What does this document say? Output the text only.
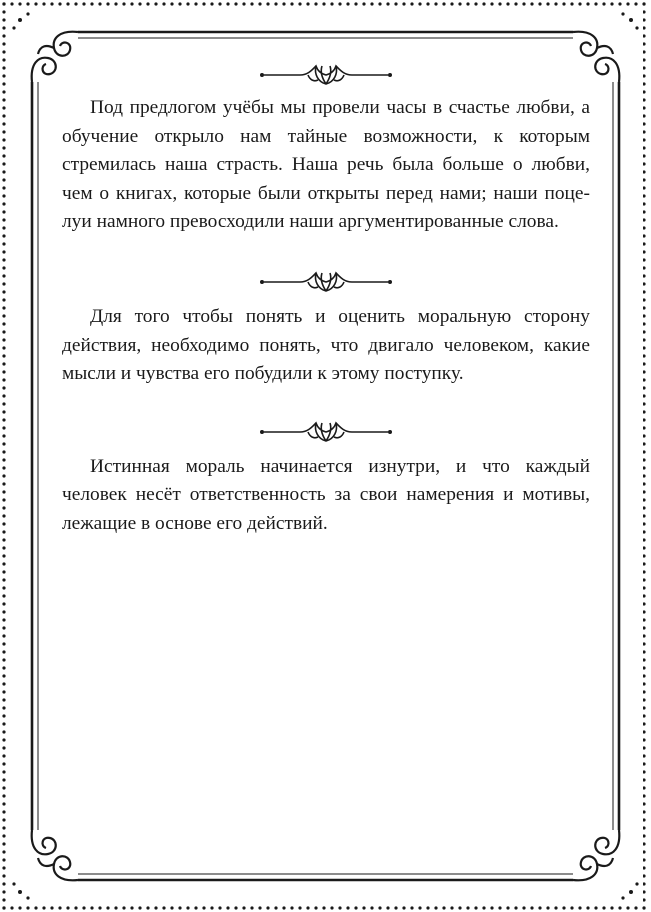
Под предлогом учёбы мы провели часы в счастье любви, а обучение открыло нам тайные возможности, к которым стремилась наша страсть. Наша речь была больше о любви, чем о книгах, которые были открыты перед нами; наши поцелуи намного превосходили наши аргументированные слова.

Для того чтобы понять и оценить моральную сторону действия, необходимо понять, что двигало человеком, какие мысли и чувства его побудили к этому поступку.

Истинная мораль начинается изнутри, и что каждый человек несёт ответственность за свои намерения и мотивы, лежащие в основе его действий.
